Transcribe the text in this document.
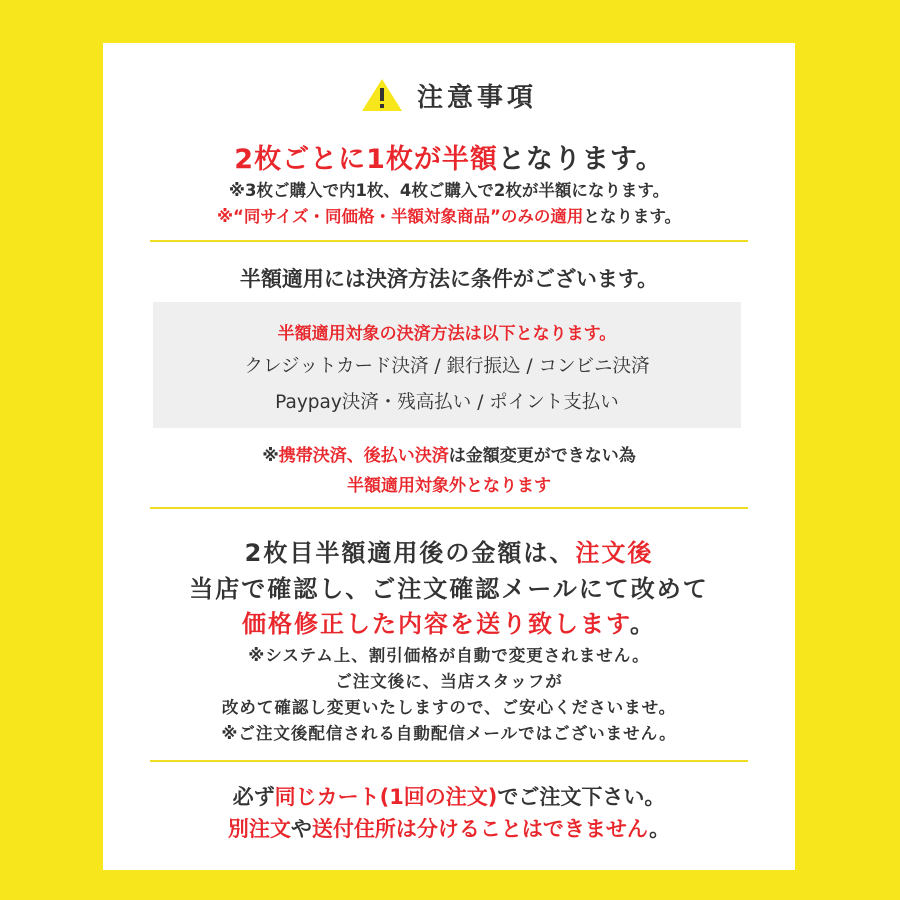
注意事項
2枚ごとに1枚が半額となります。
※3枚ご購入で内1枚、4枚ご購入で2枚が半額になります。
※“同サイズ・同価格・半額対象商品”のみの適用となります。
半額適用には決済方法に条件がございます。
半額適用対象の決済方法は以下となります。
クレジットカード決済 / 銀行振込 / コンビニ決済
Paypay決済・残高払い / ポイント支払い
※携帯決済、後払い決済は金額変更ができない為
半額適用対象外となります
2枚目半額適用後の金額は、注文後
当店で確認し、ご注文確認メールにて改めて
価格修正した内容を送り致します。
※システム上、割引価格が自動で変更されません。
ご注文後に、当店スタッフが
改めて確認し変更いたしますので、ご安心くださいませ。
※ご注文後配信される自動配信メールではございません。
必ず同じカート(1回の注文)でご注文下さい。
別注文や送付住所は分けることはできません。
